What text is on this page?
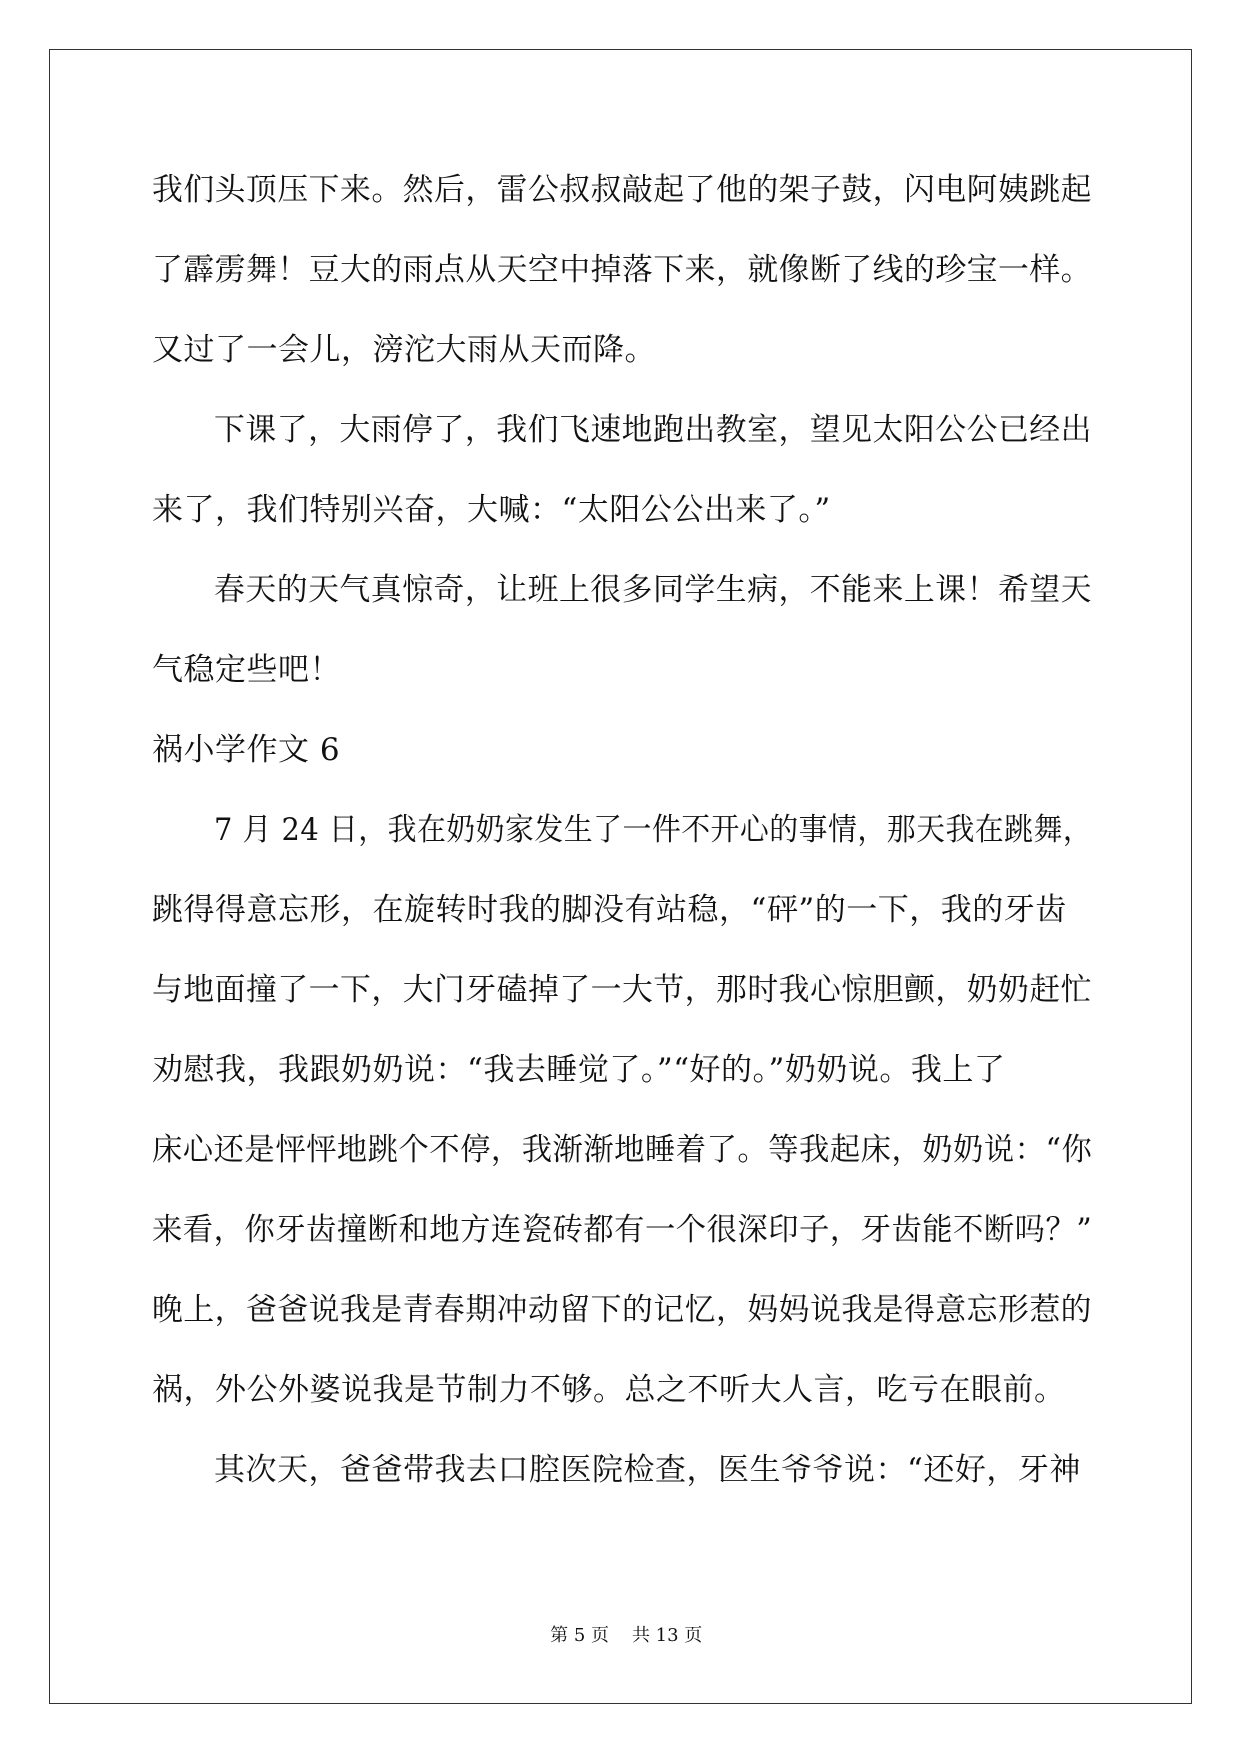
我们头顶压下来。然后，雷公叔叔敲起了他的架子鼓，闪电阿姨跳起
了霹雳舞！豆大的雨点从天空中掉落下来，就像断了线的珍宝一样。
又过了一会儿，滂沱大雨从天而降。
下课了，大雨停了，我们飞速地跑出教室，望见太阳公公已经出
来了，我们特别兴奋，大喊：“太阳公公出来了。”
春天的天气真惊奇，让班上很多同学生病，不能来上课！希望天
气稳定些吧！
祸小学作文 6
7 月 24 日，我在奶奶家发生了一件不开心的事情，那天我在跳舞，
跳得得意忘形，在旋转时我的脚没有站稳，“砰”的一下，我的牙齿
与地面撞了一下，大门牙磕掉了一大节，那时我心惊胆颤，奶奶赶忙
劝慰我，我跟奶奶说：“我去睡觉了。”“好的。”奶奶说。我上了
床心还是怦怦地跳个不停，我渐渐地睡着了。等我起床，奶奶说：“你
来看，你牙齿撞断和地方连瓷砖都有一个很深印子，牙齿能不断吗？”
晚上，爸爸说我是青春期冲动留下的记忆，妈妈说我是得意忘形惹的
祸，外公外婆说我是节制力不够。总之不听大人言，吃亏在眼前。
其次天，爸爸带我去口腔医院检查，医生爷爷说：“还好，牙神

第 5 页    共 13 页
